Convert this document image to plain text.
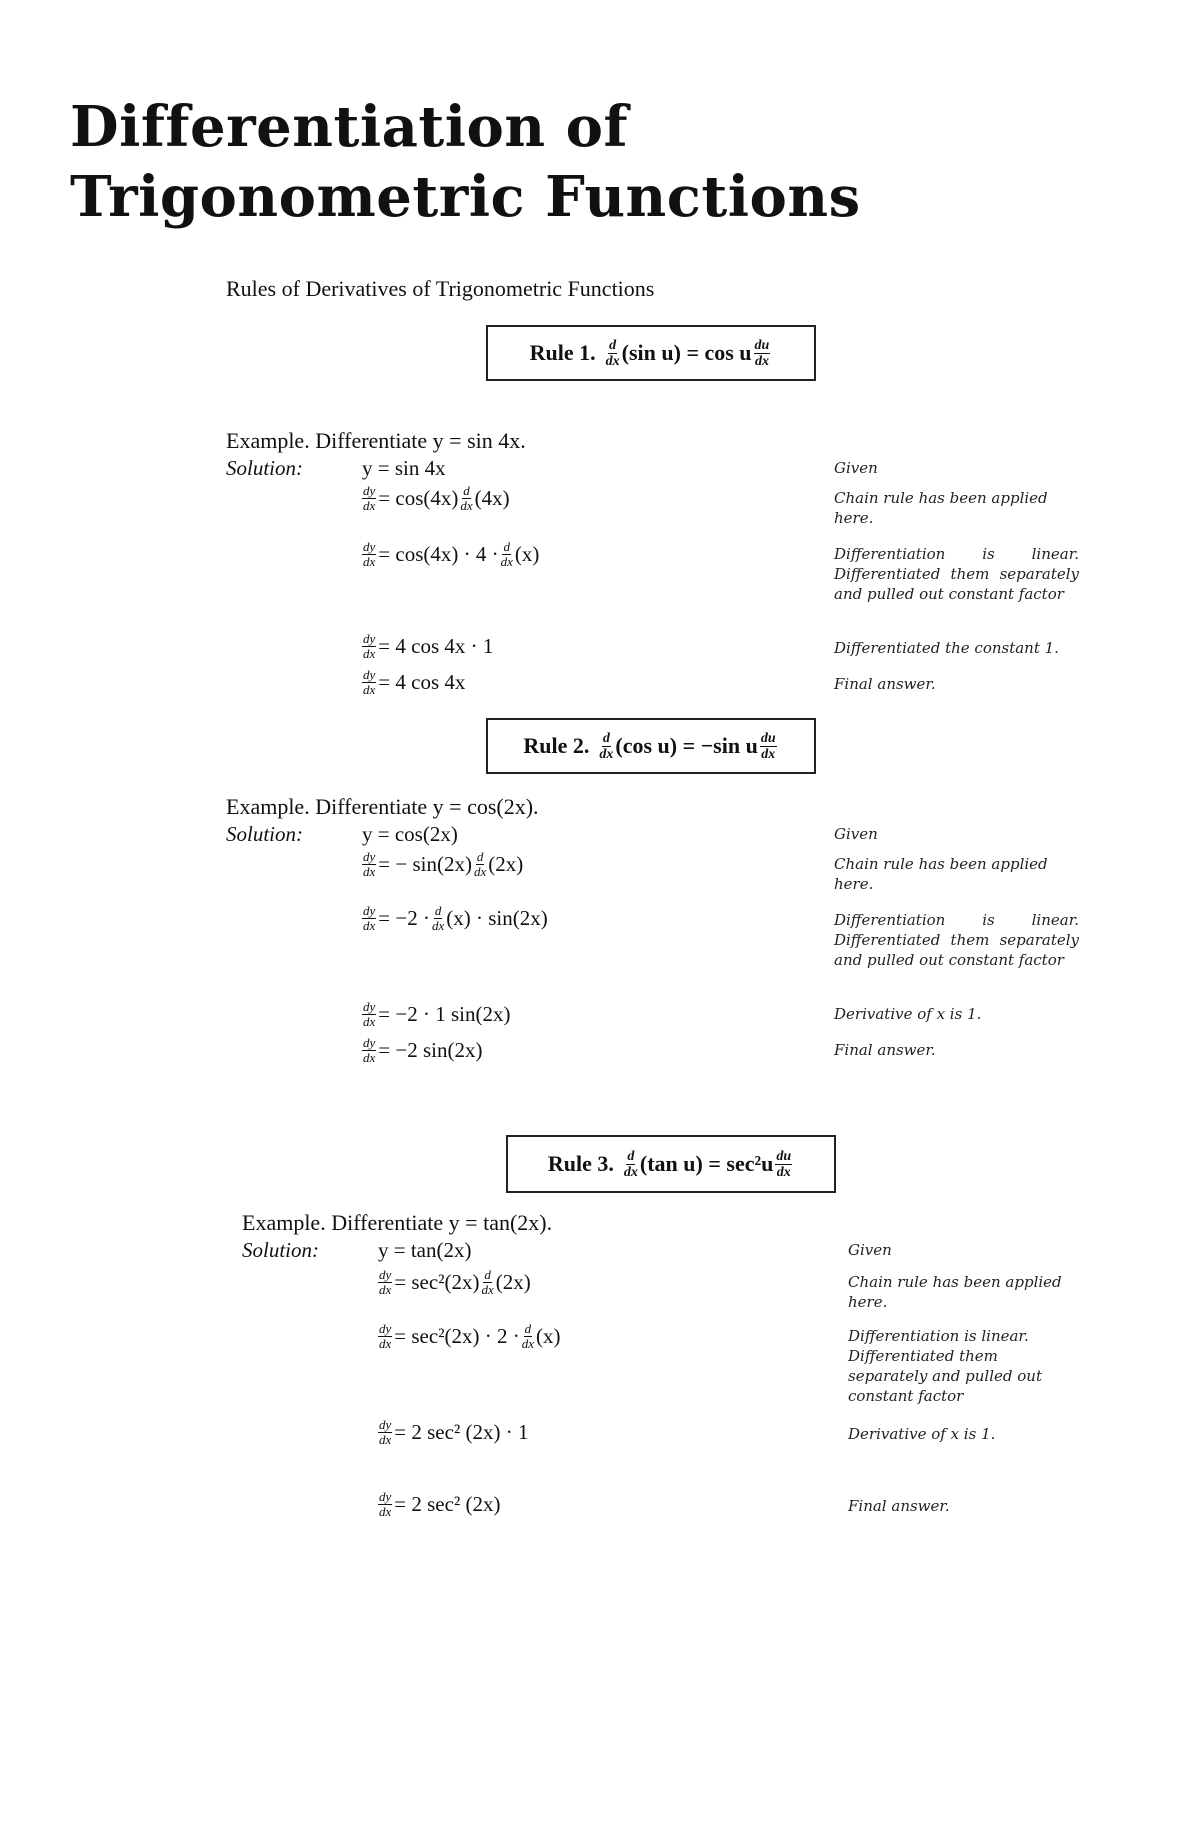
Differentiation of
Trigonometric Functions
Rules of Derivatives of Trigonometric Functions
Rule 1. $\frac{d}{dx} (\sin$ u) = cos u $\frac{du}{dx}$
Example. Differentiate y = sin 4x.
Solution:	y = sin 4x	Given
$\frac{dy}{dx} = \cos(4x) \frac{d}{dx} (4x)$	Chain rule has been applied here.
$\frac{dy}{dx} = \cos(4x) \cdot 4 \cdot \frac{d}{dx} (x)$	Differentiation is linear. Differentiated them separately and pulled out constant factor
$\frac{dy}{dx} = 4$ cos 4x · 1	Differentiated the constant 1.
$\frac{dy}{dx} = 4$ cos 4x	Final answer.
Rule 2. $\frac{d}{dx} (\cos$ u) = −sin u $\frac{du}{dx}$
Example. Differentiate y = cos(2x).
Solution:	y = cos(2x)	Given
$\frac{dy}{dx}$ = − $\sin(2x) \frac{d}{dx} (2x)$	Chain rule has been applied here.
$\frac{dy}{dx} = -2 \cdot \frac{d}{dx} (x) \cdot \sin(2x)$	Differentiation is linear. Differentiated them separately and pulled out constant factor
$\frac{dy}{dx} = -2 \cdot 1$ sin(2x)	Derivative of x is 1.
$\frac{dy}{dx} = -2$ sin(2x)	Final answer.
Rule 3. $\frac{d}{dx} (\tan$ $u) = \sec^2u \frac{du}{dx}$
Example. Differentiate y = tan(2x).
Solution:	y = tan(2x)	Given
$\frac{dy}{dx} = \sec^2(2x) \frac{d}{dx} (2x)$	Chain rule has been applied here.
$\frac{dy}{dx} = \sec^2(2x) \cdot 2 \cdot \frac{d}{dx} (x)$	Differentiation is linear. Differentiated them separately and pulled out constant factor
$\frac{dy}{dx} = 2$ sec² (2x) · 1	Derivative of x is 1.
$\frac{dy}{dx} = 2$ sec² (2x)	Final answer.
